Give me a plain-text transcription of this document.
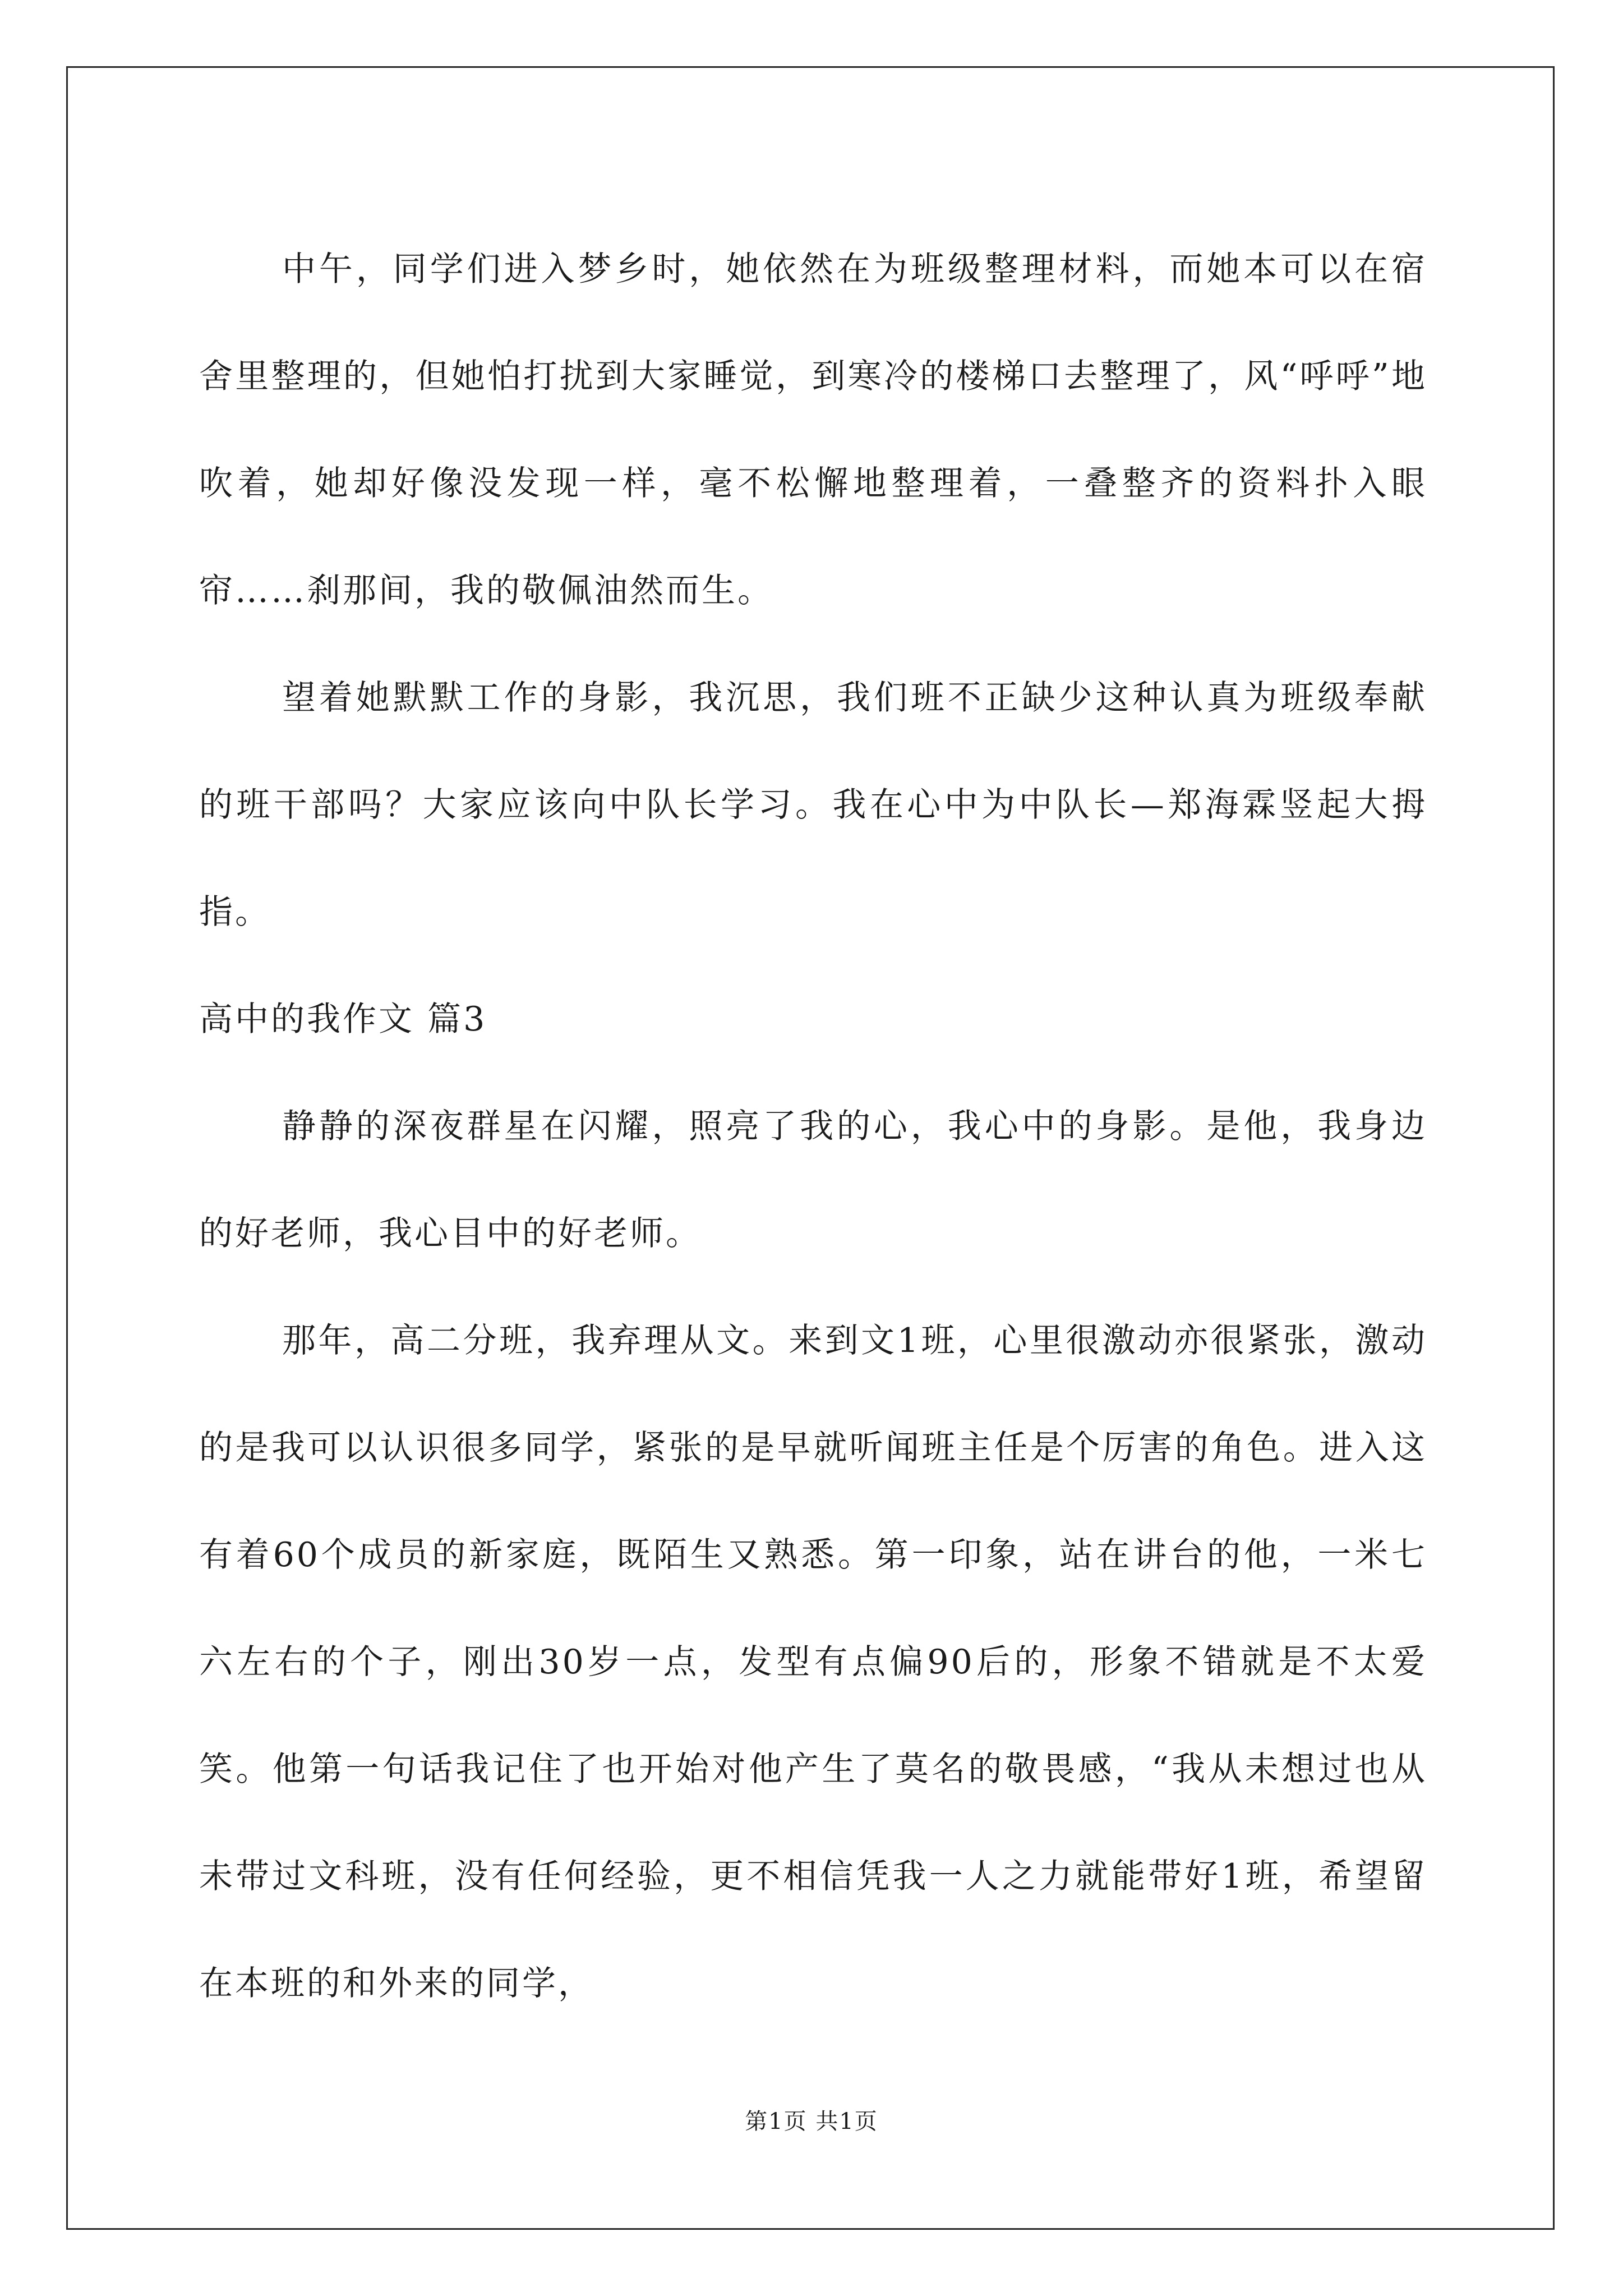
中午，同学们进入梦乡时，她依然在为班级整理材料，而她本可以在宿舍里整理的，但她怕打扰到大家睡觉，到寒冷的楼梯口去整理了，风“呼呼”地吹着，她却好像没发现一样，毫不松懈地整理着，一叠整齐的资料扑入眼帘……刹那间，我的敬佩油然而生。

望着她默默工作的身影，我沉思，我们班不正缺少这种认真为班级奉献的班干部吗？大家应该向中队长学习。我在心中为中队长—郑海霖竖起大拇指。

高中的我作文 篇3

静静的深夜群星在闪耀，照亮了我的心，我心中的身影。是他，我身边的好老师，我心目中的好老师。

那年，高二分班，我弃理从文。来到文1班，心里很激动亦很紧张，激动的是我可以认识很多同学，紧张的是早就听闻班主任是个厉害的角色。进入这有着60个成员的新家庭，既陌生又熟悉。第一印象，站在讲台的他，一米七六左右的个子，刚出30岁一点，发型有点偏90后的，形象不错就是不太爱笑。他第一句话我记住了也开始对他产生了莫名的敬畏感，“我从未想过也从未带过文科班，没有任何经验，更不相信凭我一人之力就能带好1班，希望留在本班的和外来的同学，

第1页 共1页
